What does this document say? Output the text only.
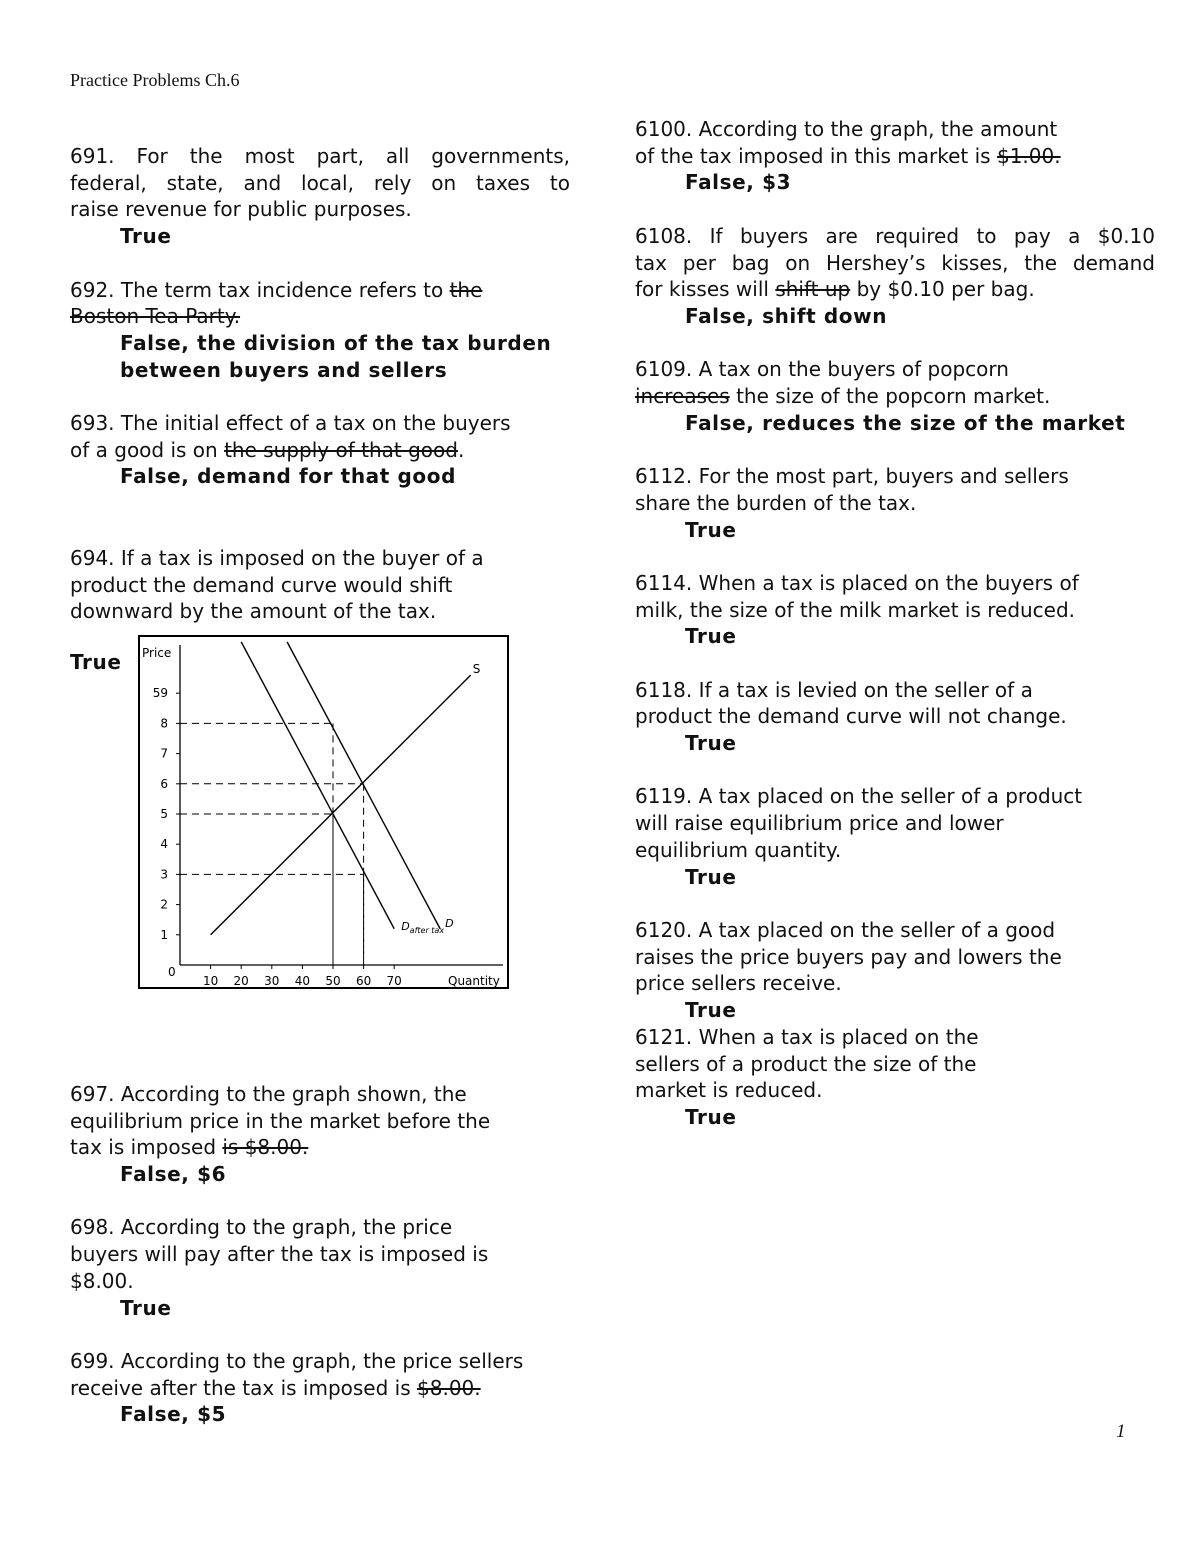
Practice Problems Ch.6

691. For the most part, all governments,

federal, state, and local, rely on taxes to

raise revenue for public purposes.

True

692. The term tax incidence refers to the

Boston Tea Party.

False, the division of the tax burden

between buyers and sellers

693. The initial effect of a tax on the buyers

of a good is on the supply of that good.

False, demand for that good

694. If a tax is imposed on the buyer of a

product the demand curve would shift

downward by the amount of the tax.

697. According to the graph shown, the

equilibrium price in the market before the

tax is imposed is $8.00.

False, $6

698. According to the graph, the price

buyers will pay after the tax is imposed is

$8.00.

True

699. According to the graph, the price sellers

receive after the tax is imposed is $8.00.

False, $5

True Price
Quantity
0
1
2
3
4
5
6
7
8
59
10 20 30 40 50 60 70
S
D
$D_{after tax}$

6100. According to the graph, the amount

of the tax imposed in this market is $1.00.

False, $3

6108. If buyers are required to pay a $0.10

tax per bag on Hershey’s kisses, the demand

for kisses will shift up by $0.10 per bag.

False, shift down

6109. A tax on the buyers of popcorn

increases the size of the popcorn market.

False, reduces the size of the market

6112. For the most part, buyers and sellers

share the burden of the tax.

True

6114. When a tax is placed on the buyers of

milk, the size of the milk market is reduced.

True

6118. If a tax is levied on the seller of a

product the demand curve will not change.

True

6119. A tax placed on the seller of a product

will raise equilibrium price and lower

equilibrium quantity.

True

6120. A tax placed on the seller of a good

raises the price buyers pay and lowers the

price sellers receive.

True

6121. When a tax is placed on the

sellers of a product the size of the

market is reduced.

True

1
